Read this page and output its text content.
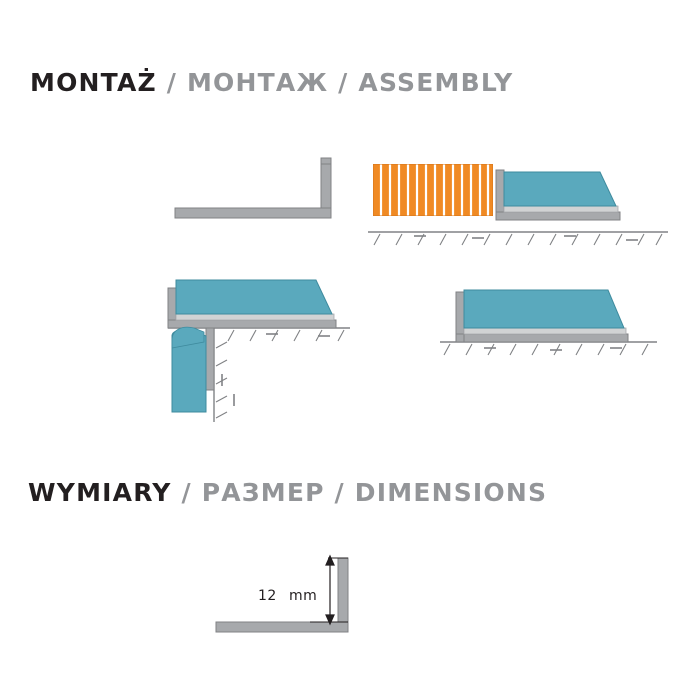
MONTAŻ / МОНТАЖ / ASSEMBLY
WYMIARY / РАЗМЕР / DIMENSIONS
12 mm
